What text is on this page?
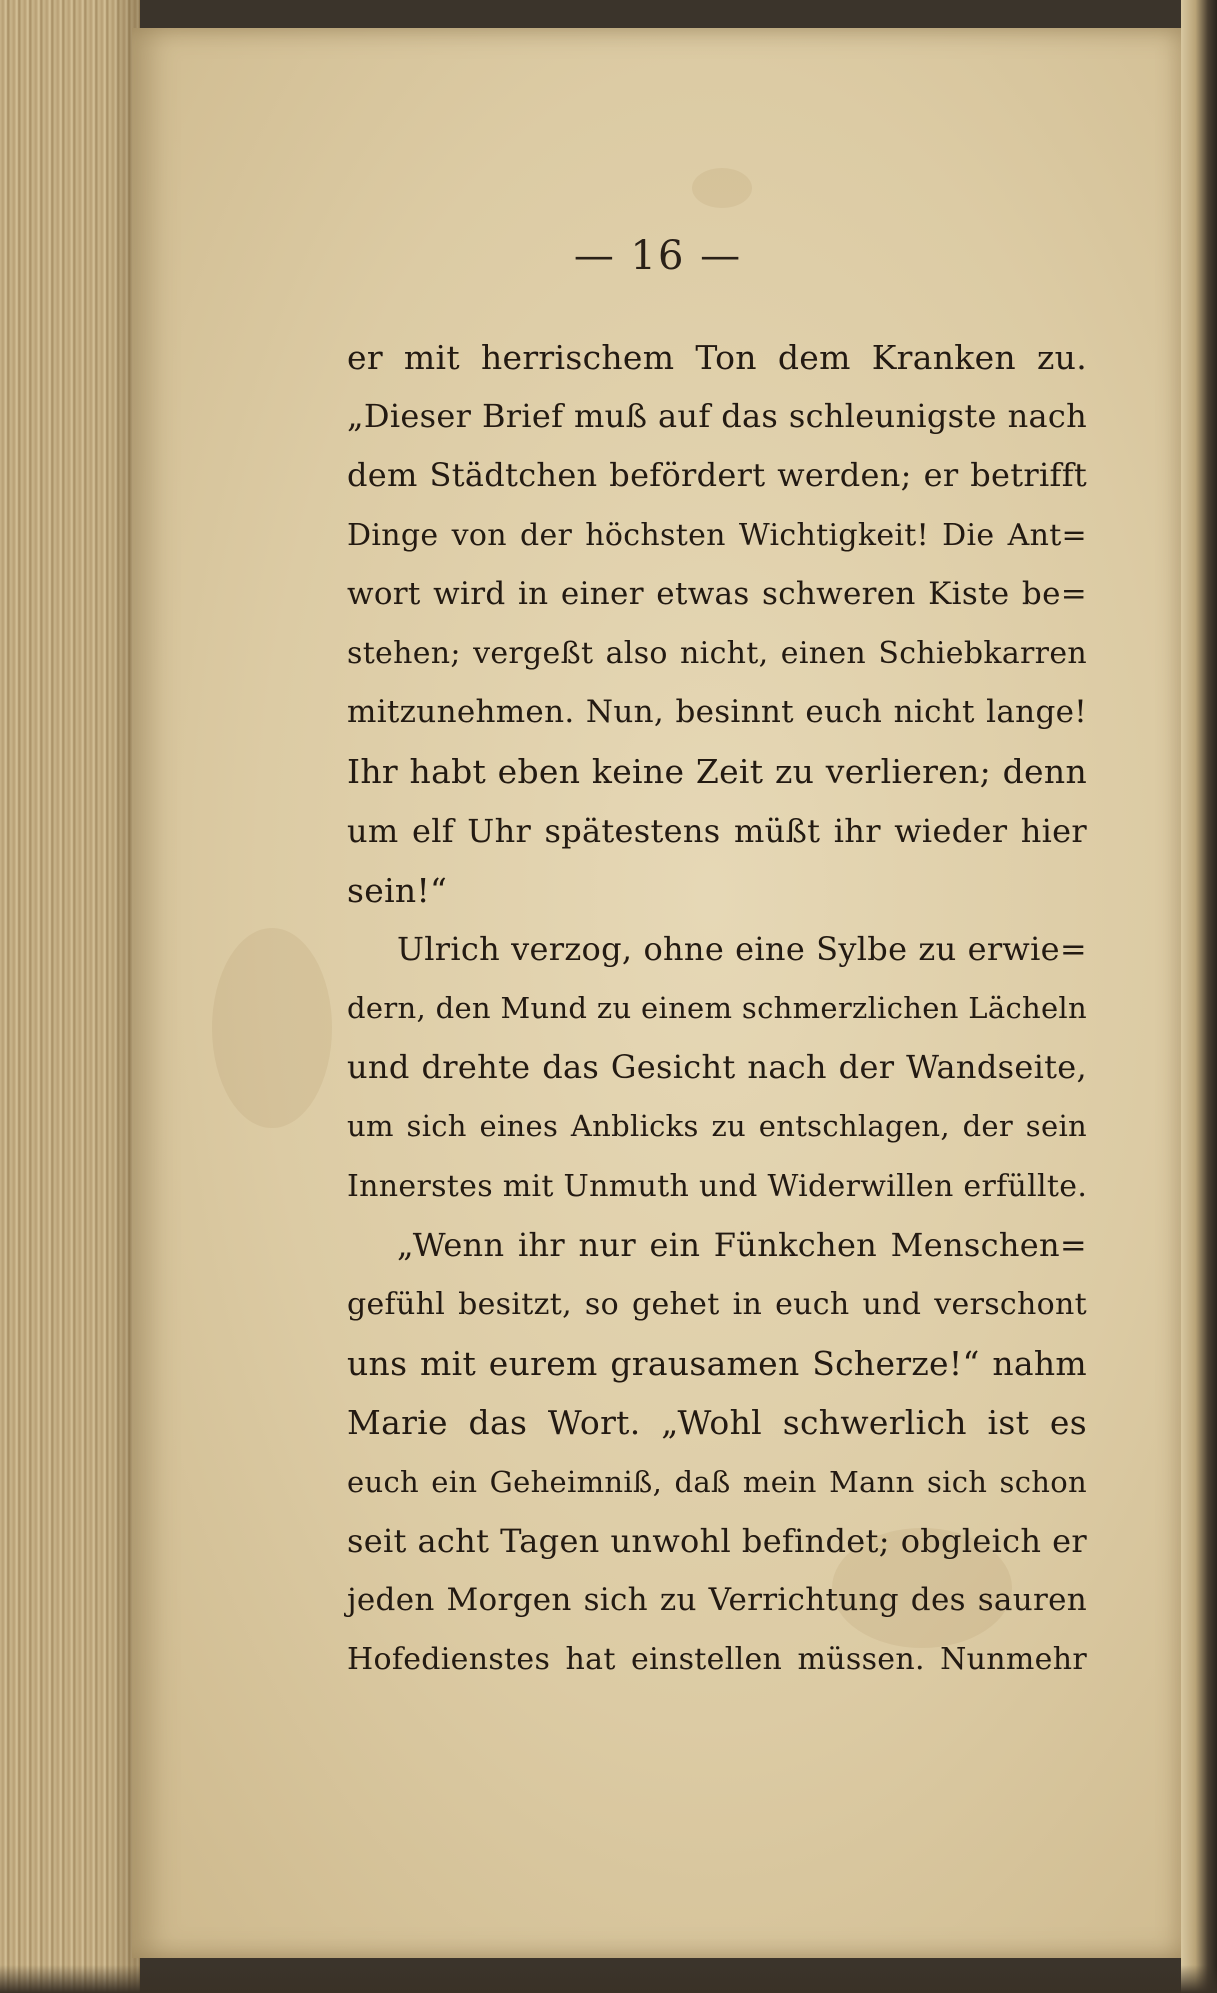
— 16 —
er mit herrischem Ton dem Kranken zu.
„Dieser Brief muß auf das schleunigste nach
dem Städtchen befördert werden; er betrifft
Dinge von der höchsten Wichtigkeit! Die Ant=
wort wird in einer etwas schweren Kiste be=
stehen; vergeßt also nicht, einen Schiebkarren
mitzunehmen. Nun, besinnt euch nicht lange!
Ihr habt eben keine Zeit zu verlieren; denn
um elf Uhr spätestens müßt ihr wieder hier
sein!“
Ulrich verzog, ohne eine Sylbe zu erwie=
dern, den Mund zu einem schmerzlichen Lächeln
und drehte das Gesicht nach der Wandseite,
um sich eines Anblicks zu entschlagen, der sein
Innerstes mit Unmuth und Widerwillen erfüllte.
„Wenn ihr nur ein Fünkchen Menschen=
gefühl besitzt, so gehet in euch und verschont
uns mit eurem grausamen Scherze!“ nahm
Marie das Wort. „Wohl schwerlich ist es
euch ein Geheimniß, daß mein Mann sich schon
seit acht Tagen unwohl befindet; obgleich er
jeden Morgen sich zu Verrichtung des sauren
Hofedienstes hat einstellen müssen. Nunmehr
